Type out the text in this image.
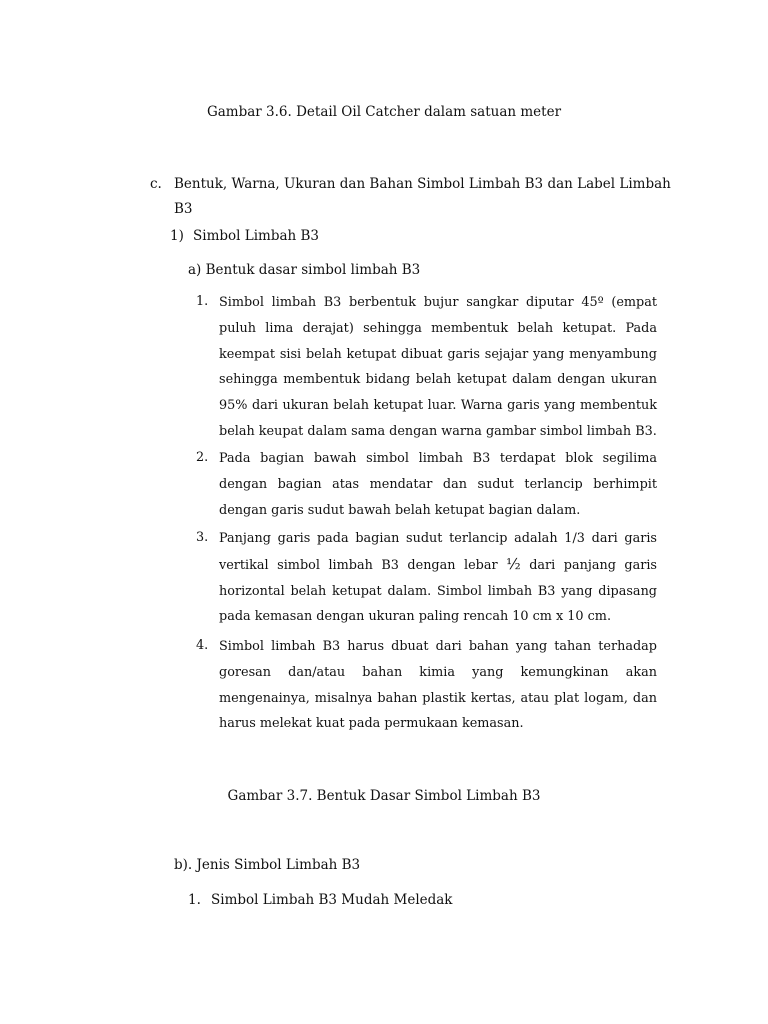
Gambar 3.6. Detail Oil Catcher dalam satuan meter
c. Bentuk, Warna, Ukuran dan Bahan Simbol Limbah B3 dan Label Limbah
B3
1) Simbol Limbah B3
a) Bentuk dasar simbol limbah B3
1. Simbol limbah B3 berbentuk bujur sangkar diputar 45º (empat puluh lima derajat) sehingga membentuk belah ketupat. Pada keempat sisi belah ketupat dibuat garis sejajar yang menyambung sehingga membentuk bidang belah ketupat dalam dengan ukuran 95% dari ukuran belah ketupat luar. Warna garis yang membentuk belah keupat dalam sama dengan warna gambar simbol limbah B3.
2. Pada bagian bawah simbol limbah B3 terdapat blok segilima dengan bagian atas mendatar dan sudut terlancip berhimpit dengan garis sudut bawah belah ketupat bagian dalam.
3. Panjang garis pada bagian sudut terlancip adalah 1/3 dari garis vertikal simbol limbah B3 dengan lebar ½ dari panjang garis horizontal belah ketupat dalam. Simbol limbah B3 yang dipasang pada kemasan dengan ukuran paling rencah 10 cm x 10 cm.
4. Simbol limbah B3 harus dbuat dari bahan yang tahan terhadap goresan dan/atau bahan kimia yang kemungkinan akan mengenainya, misalnya bahan plastik kertas, atau plat logam, dan harus melekat kuat pada permukaan kemasan.
Gambar 3.7. Bentuk Dasar Simbol Limbah B3
b). Jenis Simbol Limbah B3
1. Simbol Limbah B3 Mudah Meledak
